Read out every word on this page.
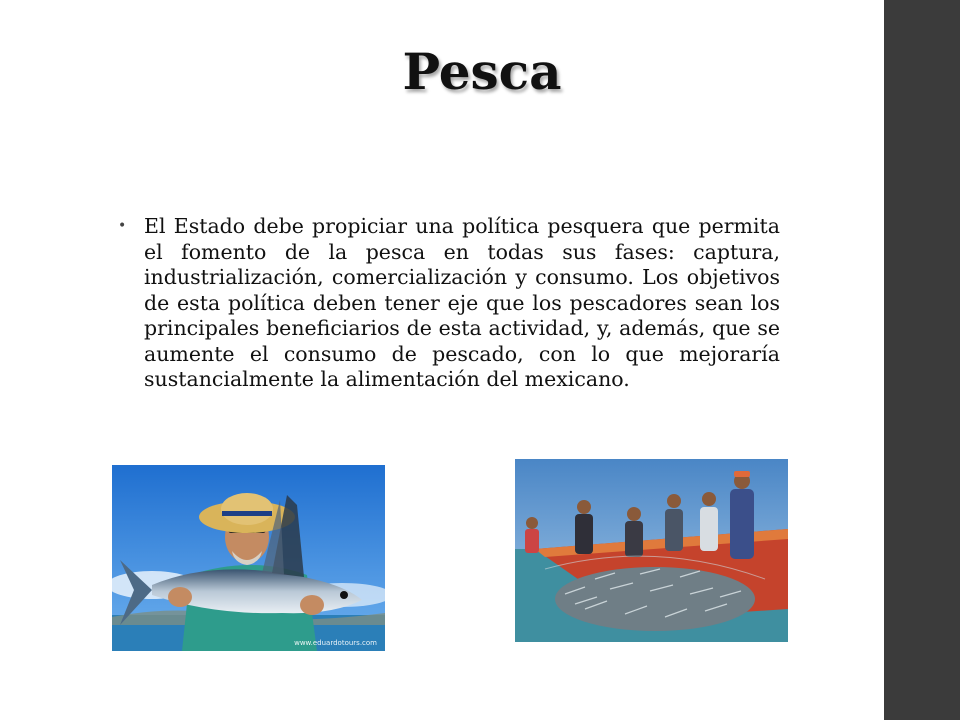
Pesca
• El Estado debe propiciar una política pesquera que permita el fomento de la pesca en todas sus fases: captura, industrialización, comercialización y consumo. Los objetivos de esta política deben tener eje que los pescadores sean los principales beneficiarios de esta actividad, y, además, que se aumente el consumo de pescado, con lo que mejoraría sustancialmente la alimentación del mexicano.
www.eduardotours.com
